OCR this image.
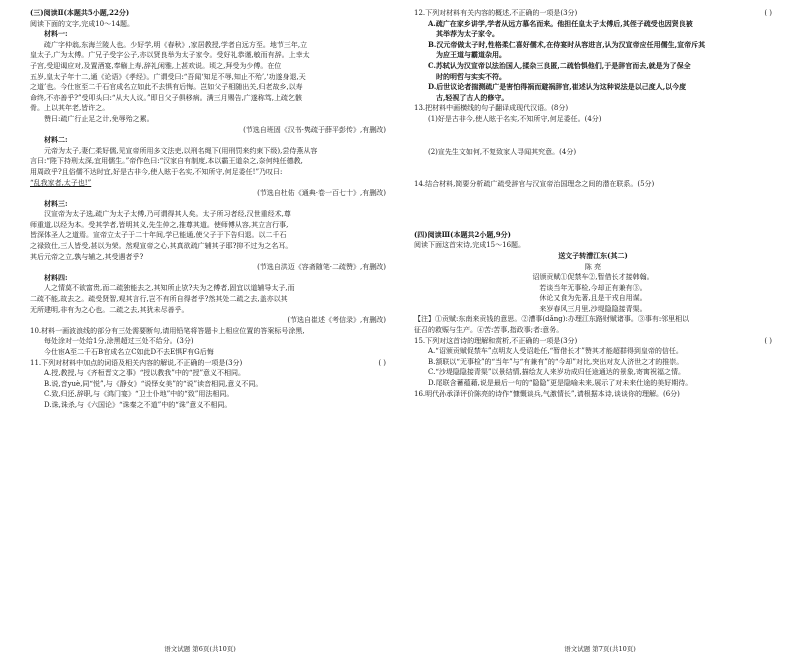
(三)阅读Ⅱ(本题共5小题,22分)
阅读下面的文字,完成10～14题。
材料一:
疏广字仲翁,东海兰陵人也。少好学,明《春秋》,家居教授,学者自远方至。地节三年,立
皇太子,广为太傅。广兄子受字公子,亦以贤良举为太子家令。受好礼恭谨,敏而有辞。上幸太
子宫,受迎谒应对,及置酒宴,奉觞上寿,辞礼闲雅,上甚欢说。顷之,拜受为少傅。在位
五岁,皇太子年十二,通《论语》《孝经》。广谓受曰:“吾闻‘知足不辱,知止不殆’,‘功遂身退,天
之道’也。今仕宦至二千石官成名立如此不去惧有后悔。岂如父子相随出关,归老故乡,以寿
命终,不亦善乎?”受叩头曰:“从大人议。”即日父子俱移病。满三月赐告,广遂称笃,上疏乞骸
骨。上以其年老,皆许之。
赞曰:疏广行止足之计,免辱殆之累。
(节选自班固《汉书·隽疏于薛平彭传》,有删改)
材料二:
元帝为太子,妻仁柔好儒,见宣帝所用多文法吏,以刑名绳下(用刑罚来约束下级),尝侍燕从容
言曰:“陛下持刑太深,宜用儒生。”帝作色曰:“汉家自有制度,本以霸王道杂之,奈何纯任德教,
用周政乎?且俗儒不达时宜,好是古非今,使人眩于名实,不知所守,何足委任!”乃叹曰:
“乱我家者,太子也!”
(节选自杜佑《通典·卷一百七十》,有删改)
材料三:
汉宣帝为太子选,疏广为太子太傅,乃可谓得其人矣。太子所习者经,汉世重经术,尊
师重道,以经为本。受其学者,皆明其义,先生仲之,推尊其道。使师傅从容,其立言行事,
皆深体圣人之道焉。宣帝立太子于二十年间,学已能通,使父子于下告归退。以二千石
之禄致仕,三人皆受,甚以为荣。然观宣帝之心,其真欲疏广辅其子耶?抑不过为之名耳。
其后元帝之立,孰与辅之,其受遇者乎?
(节选自洪迈《容斋随笔·二疏赞》,有删改)
材料四:
人之情莫不欲富贵,而二疏独能去之,其知所止欤?夫为之傅者,固宜以道辅导太子,而
二疏不能,故去之。疏受贤智,观其言行,岂不有所自得者乎?然其处二疏之去,盖亦以其
无所建明,非有为之心也。二疏之去,其犹未尽善乎。
(节选自崔述《考信录》,有删改)
10.材料一画波浪线的部分有三处需要断句,请用铅笔将答题卡上相应位置的答案标号涂黑,
每处涂对一处给1分,涂黑超过三处不给分。(3分)
今仕宦A至二千石B官成名立C如此D不去E惧F有G后悔
11.下列对材料中加点的词语及相关内容的解说,不正确的一项是(3分)	( )
A.授,教授,与《齐桓晋文之事》“授以教我”中的“授”意义不相同。
B.说,音yuè,同“悦”,与《静女》“说怿女美”的“说”读音相同,意义不同。
C.致,归还,辞职,与《鸿门宴》“卫士仆地”中的“致”用法相同。
D.诛,诛杀,与《六国论》“诛秦之不道”中的“诛”意义不相同。
语文试题 第6页(共10页)
12.下列对材料有关内容的概述,不正确的一项是(3分)	( )
A.疏广在家乡讲学,学者从远方慕名而来。他担任皇太子太傅后,其侄子疏受也因贤良被
其举荐为太子家令。
B.汉元帝做太子时,性格柔仁喜好儒术,在侍宴时从容进言,认为汉宣帝应任用儒生,宣帝斥其
为应王道与霸道杂用。
C.苏轼认为汉宣帝以法治国人,揉杂三良匿,二疏恰惧他们,于是辞官而去,就是为了保全
时的明哲与实实不符。
D.后世议论者揣测疏广是害怕得祸而避祸辞官,崔述认为这种说法是以己度人,以今度
古,轻视了古人的修守。
13.把材料中画横线的句子翻译成现代汉语。(8分)
(1)好是古非今,使人眩于名实,不知所守,何足委任。(4分)
(2)宣先生文如何,不复致家人寻闻其究意。(4分)
14.结合材料,简要分析疏广疏受辞官与汉宣帝治国理念之间的潜在联系。(5分)
(四)阅读Ⅲ(本题共2小题,9分)
阅读下面这首宋诗,完成15～16题。
送文子转漕江东(其二)
陈 亮
诏颁贡赋①促禁车②,暂借长才接韩翰。
若谈当年无事检,今却正有兼有③。
休论又食为先著,且是干戎自用谋。
来岁春风三月里,沙堤隐隐接青渠。
【注】①贡赋:东南来贡钱的意思。②漕事(dǎng):办理江东路财赋诸事。③事有:邻里相以
征召的救赈与生产。④苦:苦事,指政事;者:意务。
15.下列对这首诗的理解和赏析,不正确的一项是(3分)	( )
A.“诏颁贡赋促禁车”点明友人受诏赴任,“暂借长才”赞其才能超群得到皇帝的信任。
B.颔联以“无事检”的“当年”与“有兼有”的“今却”对比,突出对友人济世之才的推崇。
C.“沙堤隐隐接青渠”以景结情,描绘友人来岁功成归任途通达的景象,寄寓祝福之情。
D.尾联含蓄蕴藉,说是最后一句的“隐隐”更是隐喻未来,展示了对未来仕途的美好期待。
16.明代孙承泽评价陈亮的诗作“慷慨谈兵,气激情长”,请根据本诗,谈谈你的理解。(6分)
语文试题 第7页(共10页)
